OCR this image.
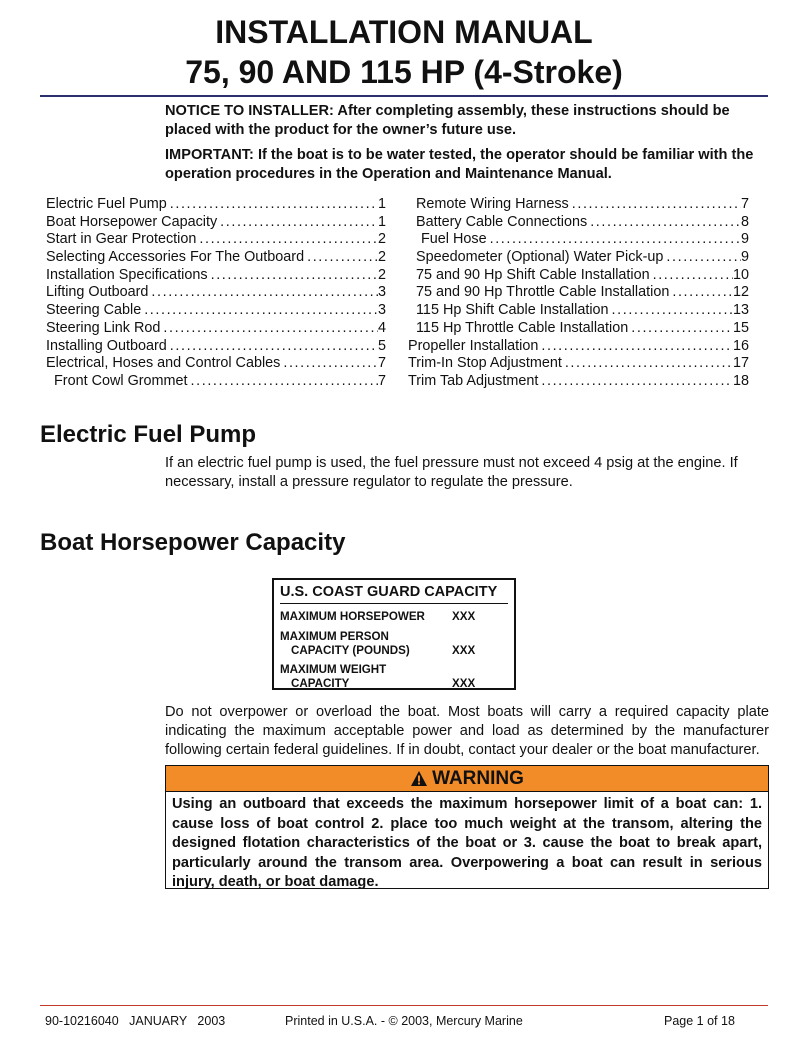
INSTALLATION MANUAL
75, 90 AND 115 HP (4-Stroke)
NOTICE TO INSTALLER: After completing assembly, these instructions should be placed with the product for the owner’s future use.
IMPORTANT: If the boat is to be water tested, the operator should be familiar with the operation procedures in the Operation and Maintenance Manual.
Electric Fuel Pump . . .	1
Boat Horsepower Capacity . . .	1
Start in Gear Protection . . .	2
Selecting Accessories For The Outboard . . .	2
Installation Specifications . . .	2
Lifting Outboard . . .	3
Steering Cable . . .	3
Steering Link Rod . . .	4
Installing Outboard . . .	5
Electrical, Hoses and Control Cables . . .	7
Front Cowl Grommet . . .	7
Remote Wiring Harness . . .	7
Battery Cable Connections . . .	8
Fuel Hose . . .	9
Speedometer (Optional) Water Pick-up . . .	9
75 and 90 Hp Shift Cable Installation . . .	10
75 and 90 Hp Throttle Cable Installation . . .	12
115 Hp Shift Cable Installation . . .	13
115 Hp Throttle Cable Installation . . .	15
Propeller Installation . . .	16
Trim-In Stop Adjustment . . .	17
Trim Tab Adjustment . . .	18
Electric Fuel Pump
If an electric fuel pump is used, the fuel pressure must not exceed 4 psig at the engine. If necessary, install a pressure regulator to regulate the pressure.
Boat Horsepower Capacity
U.S. COAST GUARD CAPACITY
MAXIMUM HORSEPOWER XXX
MAXIMUM PERSON
CAPACITY (POUNDS)	XXX
MAXIMUM WEIGHT
CAPACITY	XXX
Do not overpower or overload the boat. Most boats will carry a required capacity plate indicating the maximum acceptable power and load as determined by the manufacturer following certain federal guidelines. If in doubt, contact your dealer or the boat manufacturer.
WARNING
Using an outboard that exceeds the maximum horsepower limit of a boat can: 1. cause loss of boat control 2. place too much weight at the transom, altering the designed flotation characteristics of the boat or 3. cause the boat to break apart, particularly around the transom area. Overpowering a boat can result in serious injury, death, or boat damage.
90-10216040   JANUARY   2003	Printed in U.S.A. - © 2003, Mercury Marine	Page 1 of 18
